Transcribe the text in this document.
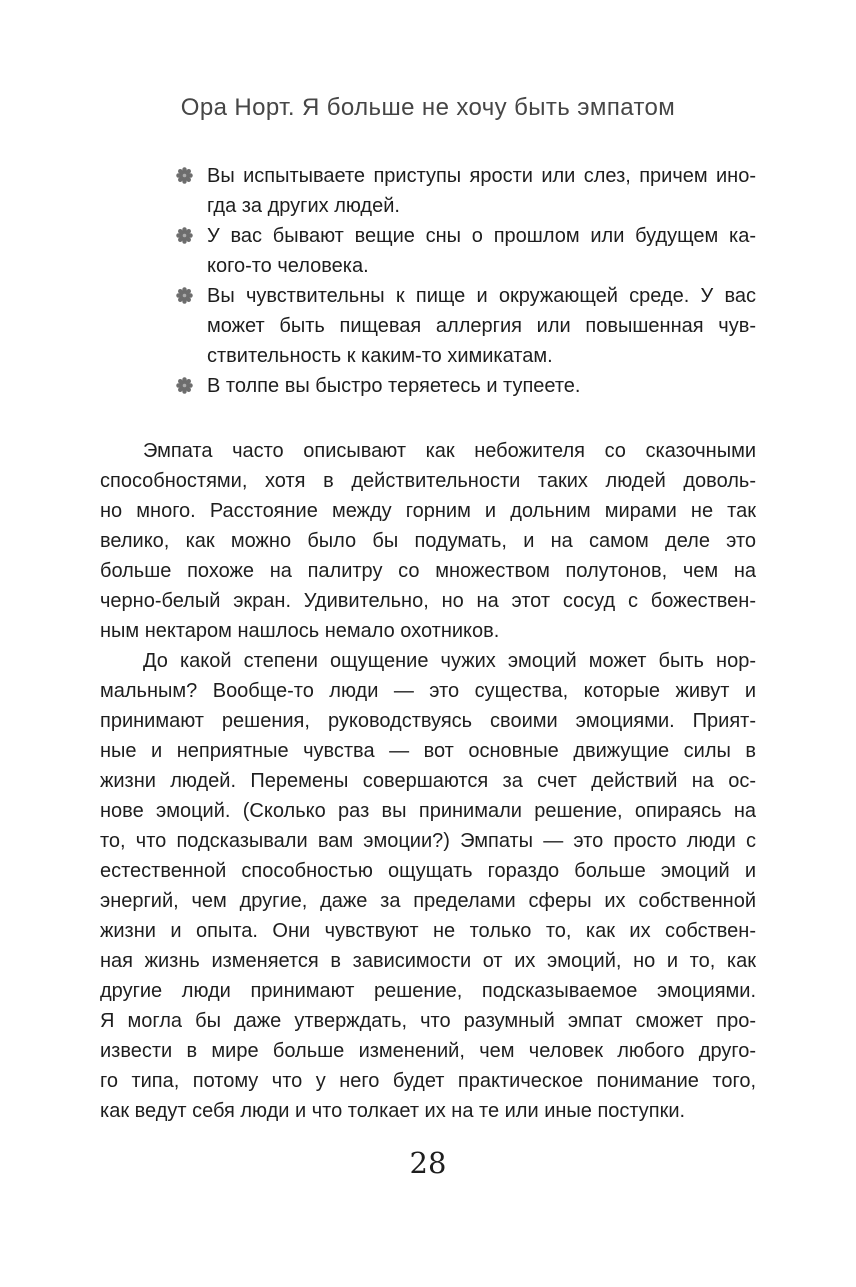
Ора Норт. Я больше не хочу быть эмпатом
Вы испытываете приступы ярости или слез, причем ино-
гда за других людей.
У вас бывают вещие сны о прошлом или будущем ка-
кого-то человека.
Вы чувствительны к пище и окружающей среде. У вас
может быть пищевая аллергия или повышенная чув-
ствительность к каким-то химикатам.
В толпе вы быстро теряетесь и тупеете.
Эмпата часто описывают как небожителя со сказочными
способностями, хотя в действительности таких людей доволь-
но много. Расстояние между горним и дольним мирами не так
велико, как можно было бы подумать, и на самом деле это
больше похоже на палитру со множеством полутонов, чем на
черно-белый экран. Удивительно, но на этот сосуд с божествен-
ным нектаром нашлось немало охотников.
До какой степени ощущение чужих эмоций может быть нор-
мальным? Вообще-то люди — это существа, которые живут и
принимают решения, руководствуясь своими эмоциями. Прият-
ные и неприятные чувства — вот основные движущие силы в
жизни людей. Перемены совершаются за счет действий на ос-
нове эмоций. (Сколько раз вы принимали решение, опираясь на
то, что подсказывали вам эмоции?) Эмпаты — это просто люди с
естественной способностью ощущать гораздо больше эмоций и
энергий, чем другие, даже за пределами сферы их собственной
жизни и опыта. Они чувствуют не только то, как их собствен-
ная жизнь изменяется в зависимости от их эмоций, но и то, как
другие люди принимают решение, подсказываемое эмоциями.
Я могла бы даже утверждать, что разумный эмпат сможет про-
извести в мире больше изменений, чем человек любого друго-
го типа, потому что у него будет практическое понимание того,
как ведут себя люди и что толкает их на те или иные поступки.
28
